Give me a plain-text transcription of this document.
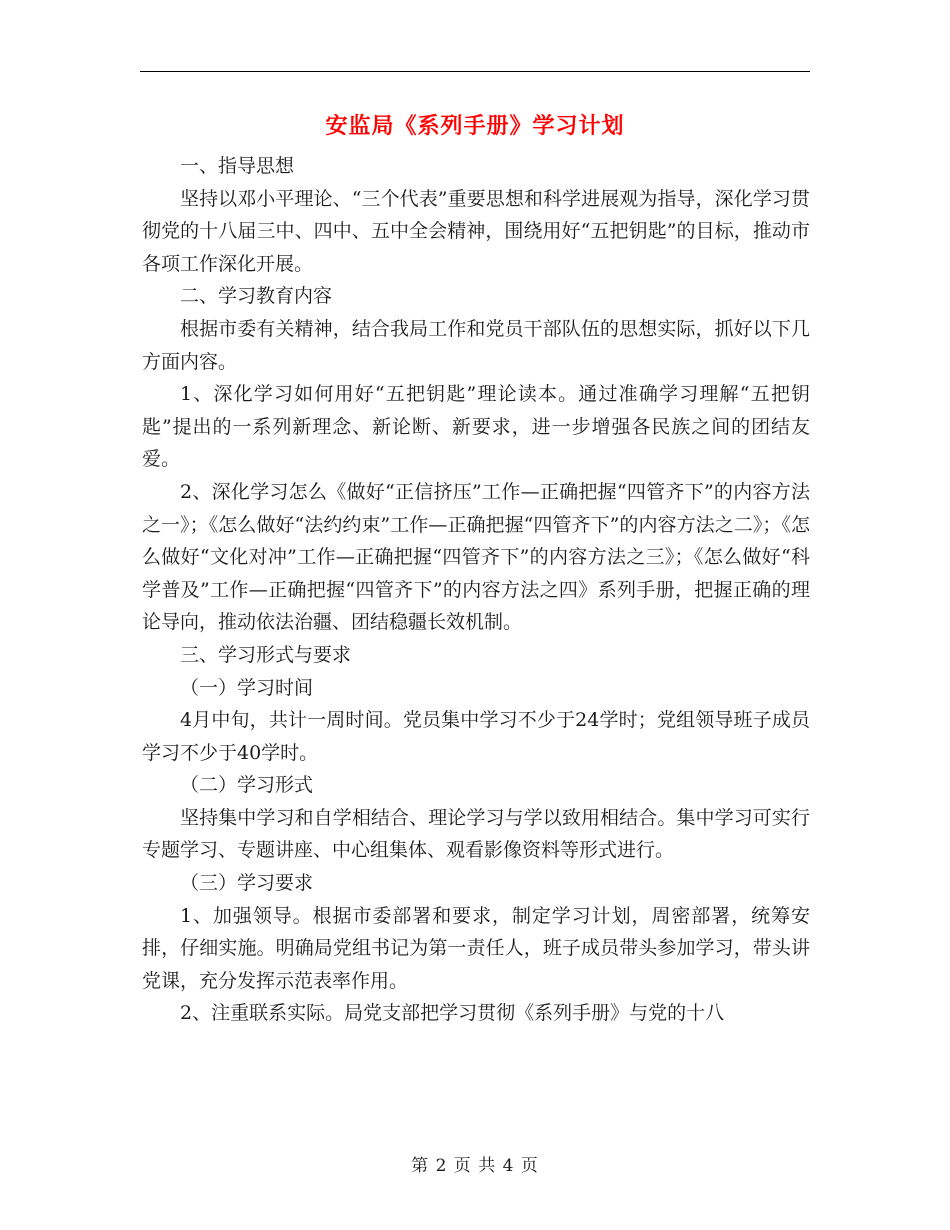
安监局《系列手册》学习计划

一、指导思想

坚持以邓小平理论、“三个代表”重要思想和科学进展观为指导，深化学习贯彻党的十八届三中、四中、五中全会精神，围绕用好“五把钥匙”的目标，推动市各项工作深化开展。

二、学习教育内容

根据市委有关精神，结合我局工作和党员干部队伍的思想实际，抓好以下几方面内容。

1、深化学习如何用好“五把钥匙”理论读本。通过准确学习理解“五把钥匙”提出的一系列新理念、新论断、新要求，进一步增强各民族之间的团结友爱。

2、深化学习怎么《做好“正信挤压”工作—正确把握“四管齐下”的内容方法之一》；《怎么做好“法约约束”工作—正确把握“四管齐下”的内容方法之二》；《怎么做好“文化对冲”工作—正确把握“四管齐下”的内容方法之三》；《怎么做好“科学普及”工作—正确把握“四管齐下”的内容方法之四》系列手册，把握正确的理论导向，推动依法治疆、团结稳疆长效机制。

三、学习形式与要求

（一）学习时间

4月中旬，共计一周时间。党员集中学习不少于24学时；党组领导班子成员学习不少于40学时。

（二）学习形式

坚持集中学习和自学相结合、理论学习与学以致用相结合。集中学习可实行专题学习、专题讲座、中心组集体、观看影像资料等形式进行。

（三）学习要求

1、加强领导。根据市委部署和要求，制定学习计划，周密部署，统筹安排，仔细实施。明确局党组书记为第一责任人，班子成员带头参加学习，带头讲党课，充分发挥示范表率作用。

2、注重联系实际。局党支部把学习贯彻《系列手册》与党的十八

第 2 页 共 4 页
